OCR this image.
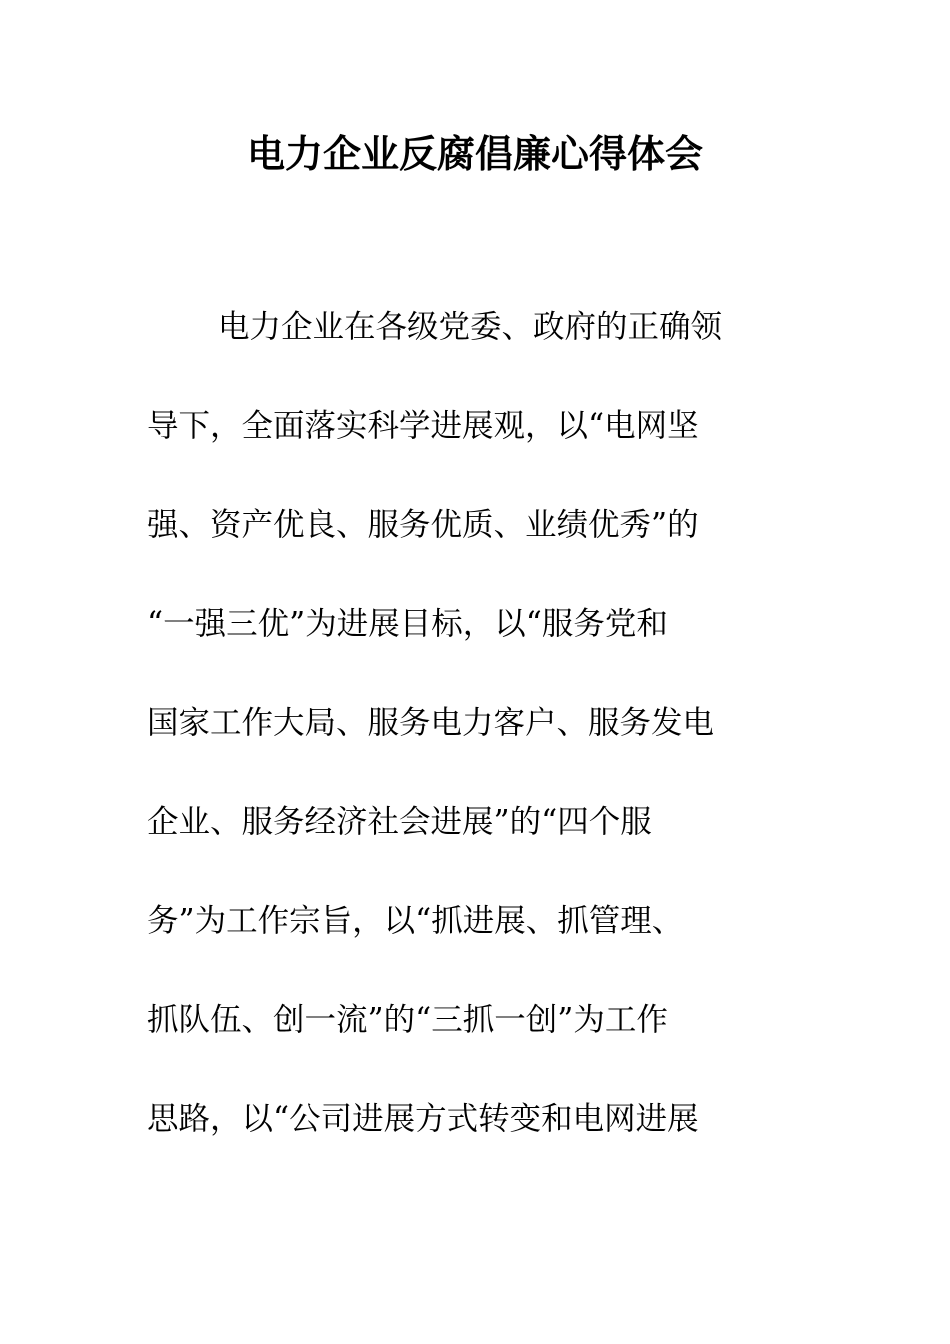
电力企业反腐倡廉心得体会
电力企业在各级党委、政府的正确领
导下，全面落实科学进展观，以“电网坚
强、资产优良、服务优质、业绩优秀”的
“一强三优”为进展目标，以“服务党和
国家工作大局、服务电力客户、服务发电
企业、服务经济社会进展”的“四个服
务”为工作宗旨，以“抓进展、抓管理、
抓队伍、创一流”的“三抓一创”为工作
思路，以“公司进展方式转变和电网进展
